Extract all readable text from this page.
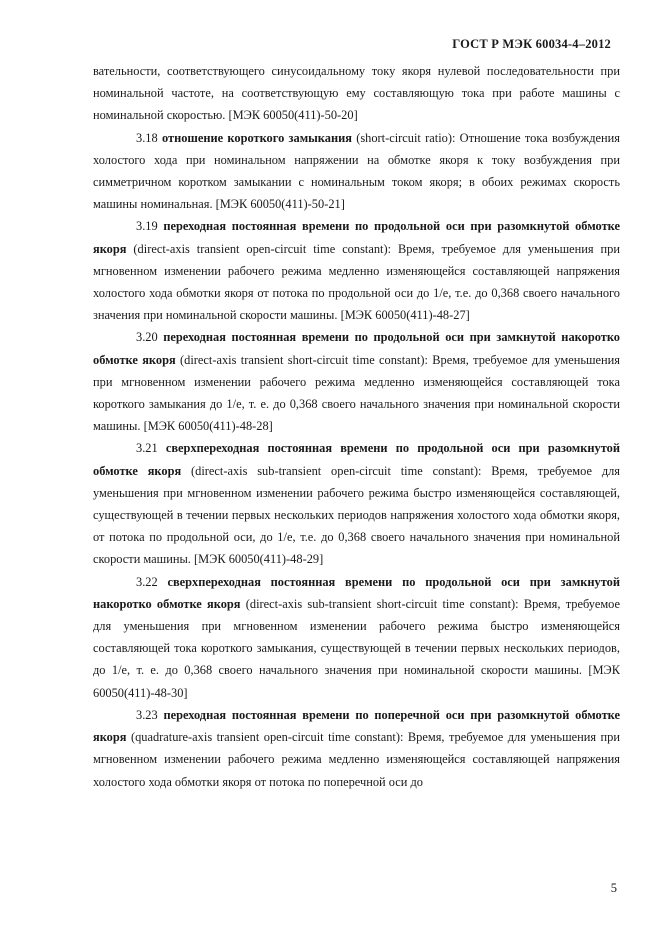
ГОСТ Р МЭК 60034-4–2012

вательности, соответствующего синусоидальному току якоря нулевой последовательности при номинальной частоте, на соответствующую ему составляющую тока при работе машины с номинальной скоростью. [МЭК 60050(411)-50-20]

3.18 отношение короткого замыкания (short-circuit ratio): Отношение тока возбуждения холостого хода при номинальном напряжении на обмотке якоря к току возбуждения при симметричном коротком замыкании с номинальным током якоря; в обоих режимах скорость машины номинальная. [МЭК 60050(411)-50-21]

3.19 переходная постоянная времени по продольной оси при разомкнутой обмотке якоря (direct-axis transient open-circuit time constant): Время, требуемое для уменьшения при мгновенном изменении рабочего режима медленно изменяющейся составляющей напряжения холостого хода обмотки якоря от потока по продольной оси до 1/e, т.е. до 0,368 своего начального значения при номинальной скорости машины. [МЭК 60050(411)-48-27]

3.20 переходная постоянная времени по продольной оси при замкнутой накоротко обмотке якоря (direct-axis transient short-circuit time constant): Время, требуемое для уменьшения при мгновенном изменении рабочего режима медленно изменяющейся составляющей тока короткого замыкания до 1/e, т. е. до 0,368 своего начального значения при номинальной скорости машины. [МЭК 60050(411)-48-28]

3.21 сверхпереходная постоянная времени по продольной оси при разомкнутой обмотке якоря (direct-axis sub-transient open-circuit time constant): Время, требуемое для уменьшения при мгновенном изменении рабочего режима быстро изменяющейся составляющей, существующей в течении первых нескольких периодов напряжения холостого хода обмотки якоря, от потока по продольной оси, до 1/e, т.е. до 0,368 своего начального значения при номинальной скорости машины. [МЭК 60050(411)-48-29]

3.22 сверхпереходная постоянная времени по продольной оси при замкнутой накоротко обмотке якоря (direct-axis sub-transient short-circuit time constant): Время, требуемое для уменьшения при мгновенном изменении рабочего режима быстро изменяющейся составляющей тока короткого замыкания, существующей в течении первых нескольких периодов, до 1/e, т. е. до 0,368 своего начального значения при номинальной скорости машины. [МЭК 60050(411)-48-30]

3.23 переходная постоянная времени по поперечной оси при разомкнутой обмотке якоря (quadrature-axis transient open-circuit time constant): Время, требуемое для уменьшения при мгновенном изменении рабочего режима медленно изменяющейся составляющей напряжения холостого хода обмотки якоря от потока по поперечной оси до

5
